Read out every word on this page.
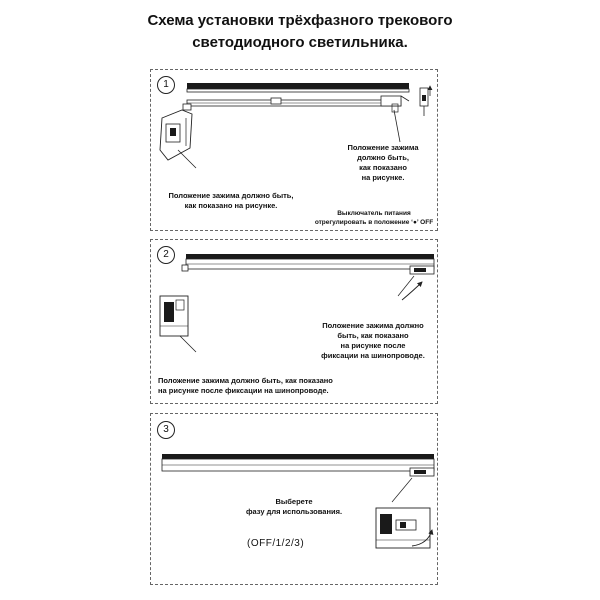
Схема установки трёхфазного трекового
светодиодного светильника.
1
Положение зажима
должно быть,
как показано
на рисунке.
Положение зажима должно быть,
как показано на рисунке.
Выключатель питания
отрегулировать в положение ‘●’ OFF
2
Положение зажима должно
быть, как показано
на рисунке после
фиксации на шинопроводе.
Положение зажима должно быть, как показано
на рисунке после фиксации на шинопроводе.
3
Выберете
фазу для использования.
(OFF/1/2/3)
